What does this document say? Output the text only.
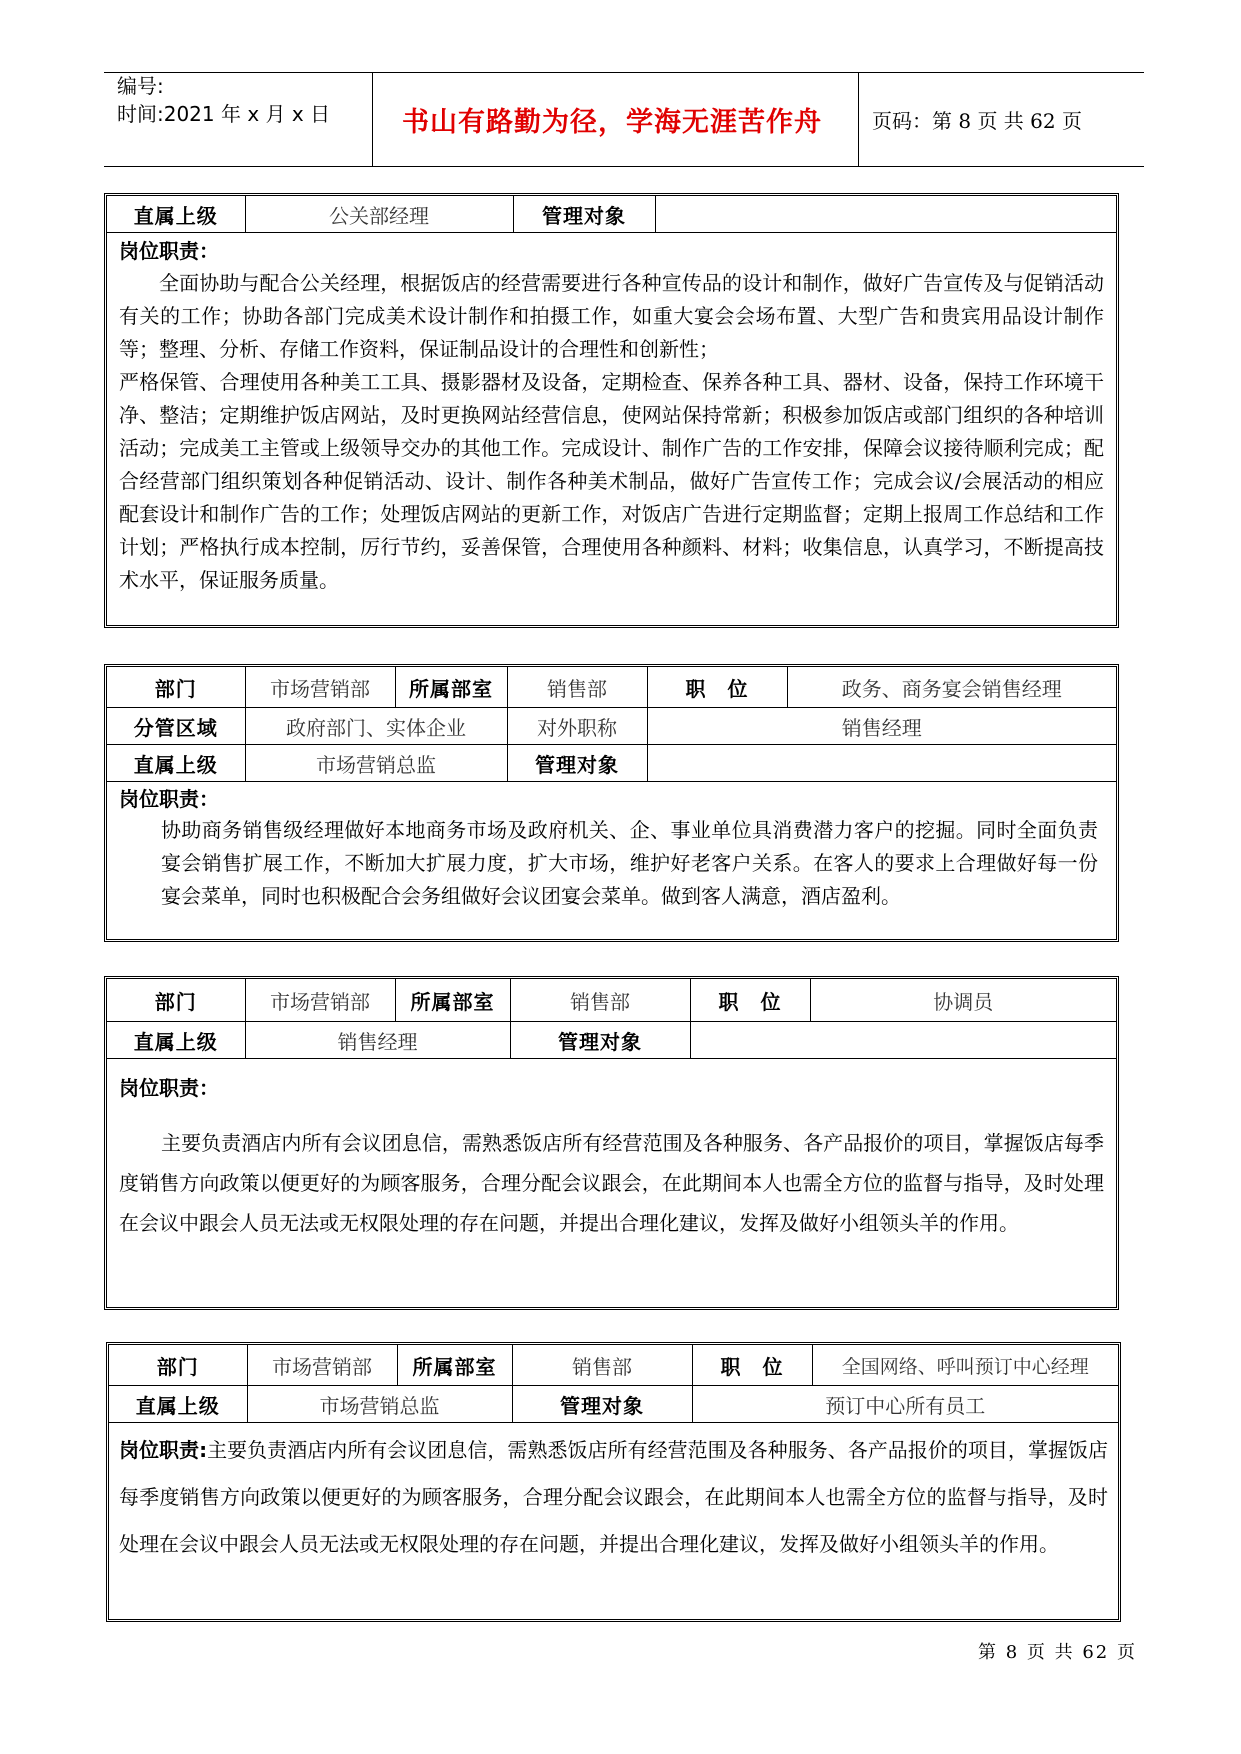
编号:
时间:2021 年 x 月 x 日	书山有路勤为径，学海无涯苦作舟	页码：第 8 页 共 62 页
直属上级	公关部经理	管理对象	
岗位职责：
全面协助与配合公关经理，根据饭店的经营需要进行各种宣传品的设计和制作，做好广告宣传及与促销活动有关的工作；协助各部门完成美术设计制作和拍摄工作，如重大宴会会场布置、大型广告和贵宾用品设计制作等；整理、分析、存储工作资料，保证制品设计的合理性和创新性；
严格保管、合理使用各种美工工具、摄影器材及设备，定期检查、保养各种工具、器材、设备，保持工作环境干净、整洁；定期维护饭店网站，及时更换网站经营信息，使网站保持常新；积极参加饭店或部门组织的各种培训活动；完成美工主管或上级领导交办的其他工作。完成设计、制作广告的工作安排，保障会议接待顺利完成；配合经营部门组织策划各种促销活动、设计、制作各种美术制品，做好广告宣传工作；完成会议/会展活动的相应配套设计和制作广告的工作；处理饭店网站的更新工作，对饭店广告进行定期监督；定期上报周工作总结和工作计划；严格执行成本控制，厉行节约，妥善保管，合理使用各种颜料、材料；收集信息，认真学习，不断提高技术水平，保证服务质量。
部门	市场营销部	所属部室	销售部	职　位	政务、商务宴会销售经理
分管区域	政府部门、实体企业		对外职称	销售经理	
直属上级	市场营销总监		管理对象		
岗位职责：
协助商务销售级经理做好本地商务市场及政府机关、企、事业单位具消费潜力客户的挖掘。同时全面负责宴会销售扩展工作，不断加大扩展力度，扩大市场，维护好老客户关系。在客人的要求上合理做好每一份宴会菜单，同时也积极配合会务组做好会议团宴会菜单。做到客人满意，酒店盈利。
部门	市场营销部	所属部室	销售部	职　位	协调员
直属上级	销售经理		管理对象		
岗位职责：
主要负责酒店内所有会议团息信，需熟悉饭店所有经营范围及各种服务、各产品报价的项目，掌握饭店每季度销售方向政策以便更好的为顾客服务，合理分配会议跟会，在此期间本人也需全方位的监督与指导，及时处理在会议中跟会人员无法或无权限处理的存在问题，并提出合理化建议，发挥及做好小组领头羊的作用。
部门	市场营销部	所属部室	销售部	职　位	全国网络、呼叫预订中心经理
直属上级	市场营销总监		管理对象	预订中心所有员工	
岗位职责:主要负责酒店内所有会议团息信，需熟悉饭店所有经营范围及各种服务、各产品报价的项目，掌握饭店每季度销售方向政策以便更好的为顾客服务，合理分配会议跟会，在此期间本人也需全方位的监督与指导，及时处理在会议中跟会人员无法或无权限处理的存在问题，并提出合理化建议，发挥及做好小组领头羊的作用。
第 8 页 共 62 页
